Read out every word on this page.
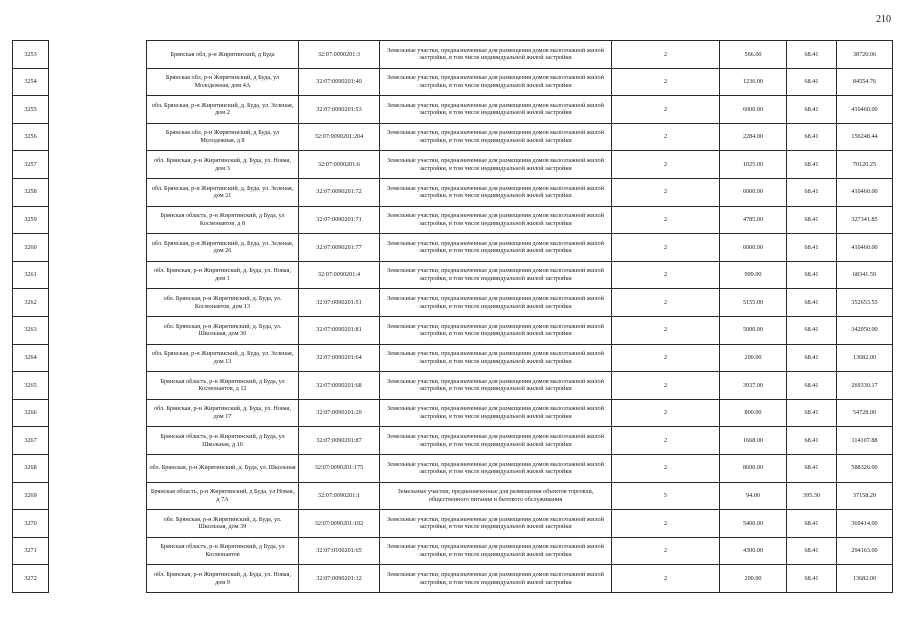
210
3253		Брянская обл, р-н Жирятинский, д Буда	32:07:0090201:3	Земельные участки, предназначенные для размещения домов малоэтажной жилой застройки, в том числе индивидуальной жилой застройки	2	566.00	68.41	38720.06
3254		Брянская обл, р-н Жирятинский, д Буда, ул Молодежная, дом 4А	32:07:0090201:40	Земельные участки, предназначенные для размещения домов малоэтажной жилой застройки, в том числе индивидуальной жилой застройки	2	1236.00	68.41	84554.76
3255		обл. Брянская, р-н Жирятинский, д. Буда, ул. Зеленая, дом 2	32:07:0090201:53	Земельные участки, предназначенные для размещения домов малоэтажной жилой застройки, в том числе индивидуальной жилой застройки	2	6000.00	68.41	410460.00
3256		Брянская обл, р-н Жирятинский, д Буда, ул Молодежная, д 8	32:07:0090201:204	Земельные участки, предназначенные для размещения домов малоэтажной жилой застройки, в том числе индивидуальной жилой застройки	2	2284.00	68.41	156248.44
3257		обл. Брянская, р-н Жирятинский, д. Буда, ул. Новая, дом 3	32:07:0090201:6	Земельные участки, предназначенные для размещения домов малоэтажной жилой застройки, в том числе индивидуальной жилой застройки	2	1025.00	68.41	70120.25
3258		обл. Брянская, р-н Жирятинский, д. Буда, ул. Зеленая, дом 21	32:07:0090201:72	Земельные участки, предназначенные для размещения домов малоэтажной жилой застройки, в том числе индивидуальной жилой застройки	2	6000.00	68.41	410460.00
3259		Брянская область, р-н Жирятинский, д Буда, ул Космонавтов, д 8	32:07:0090201:71	Земельные участки, предназначенные для размещения домов малоэтажной жилой застройки, в том числе индивидуальной жилой застройки	2	4785.00	68.41	327341.85
3260		обл. Брянская, р-н Жирятинский, д. Буда, ул. Зеленая, дом 26	32:07:0090201:77	Земельные участки, предназначенные для размещения домов малоэтажной жилой застройки, в том числе индивидуальной жилой застройки	2	6000.00	68.41	410460.00
3261		обл. Брянская, р-н Жирятинский, д. Буда, ул. Новая, дом 1	32:07:0090201:4	Земельные участки, предназначенные для размещения домов малоэтажной жилой застройки, в том числе индивидуальной жилой застройки	2	999.00	68.41	68341.59
3262		обл. Брянская, р-н Жирятинский, д. Буда, ул. Космонавтов, дом 13	32:07:0090201:51	Земельные участки, предназначенные для размещения домов малоэтажной жилой застройки, в том числе индивидуальной жилой застройки	2	5155.00	68.41	352653.55
3263		обл. Брянская, р-н Жирятинский, д. Буда, ул. Школьная, дом 30	32:07:0090201:81	Земельные участки, предназначенные для размещения домов малоэтажной жилой застройки, в том числе индивидуальной жилой застройки	2	5000.00	68.41	342050.00
3264		обл. Брянская, р-н Жирятинский, д. Буда, ул. Зеленая, дом 13	32:07:0090201:64	Земельные участки, предназначенные для размещения домов малоэтажной жилой застройки, в том числе индивидуальной жилой застройки	2	200.00	68.41	13682.00
3265		Брянская область, р-н Жирятинский, д Буда, ул Космонавтов, д 12	32:07:0090201:68	Земельные участки, предназначенные для размещения домов малоэтажной жилой застройки, в том числе индивидуальной жилой застройки	2	3937.00	68.41	269330.17
3266		обл. Брянская, р-н Жирятинский, д. Буда, ул. Новая, дом 17	32:07:0090201:20	Земельные участки, предназначенные для размещения домов малоэтажной жилой застройки, в том числе индивидуальной жилой застройки	2	800.00	68.41	54728.00
3267		Брянская область, р-н Жирятинский, д Буда, ул Школьная, д 16	32:07:0090201:87	Земельные участки, предназначенные для размещения домов малоэтажной жилой застройки, в том числе индивидуальной жилой застройки	2	1668.00	68.41	114107.88
3268		обл. Брянская, р-н Жирятинский, д. Буда, ул. Школьная	32:07:0090201:175	Земельные участки, предназначенные для размещения домов малоэтажной жилой застройки, в том числе индивидуальной жилой застройки	2	8600.00	68.41	588326.00
3269		Брянская область, р-н Жирятинский, д Буда, ул Новая, д 7А	32:07:0090201:1	Земельные участки, предназначенные для размещения объектов торговли, общественного питания и бытового обслуживания	5	94.00	395.30	37158.20
3270		обл. Брянская, р-н Жирятинский, д. Буда, ул. Школьная, дом 39	32:07:0090201:102	Земельные участки, предназначенные для размещения домов малоэтажной жилой застройки, в том числе индивидуальной жилой застройки	2	5400.00	68.41	369414.00
3271		Брянская область, р-н Жирятинский, д Буда, ул Космонавтов	32:07:0100201:65	Земельные участки, предназначенные для размещения домов малоэтажной жилой застройки, в том числе индивидуальной жилой застройки	2	4300.00	68.41	294163.00
3272		обл. Брянская, р-н Жирятинский, д. Буда, ул. Новая, дом 9	32:07:0090201:12	Земельные участки, предназначенные для размещения домов малоэтажной жилой застройки, в том числе индивидуальной жилой застройки	2	200.00	68.41	13682.00
